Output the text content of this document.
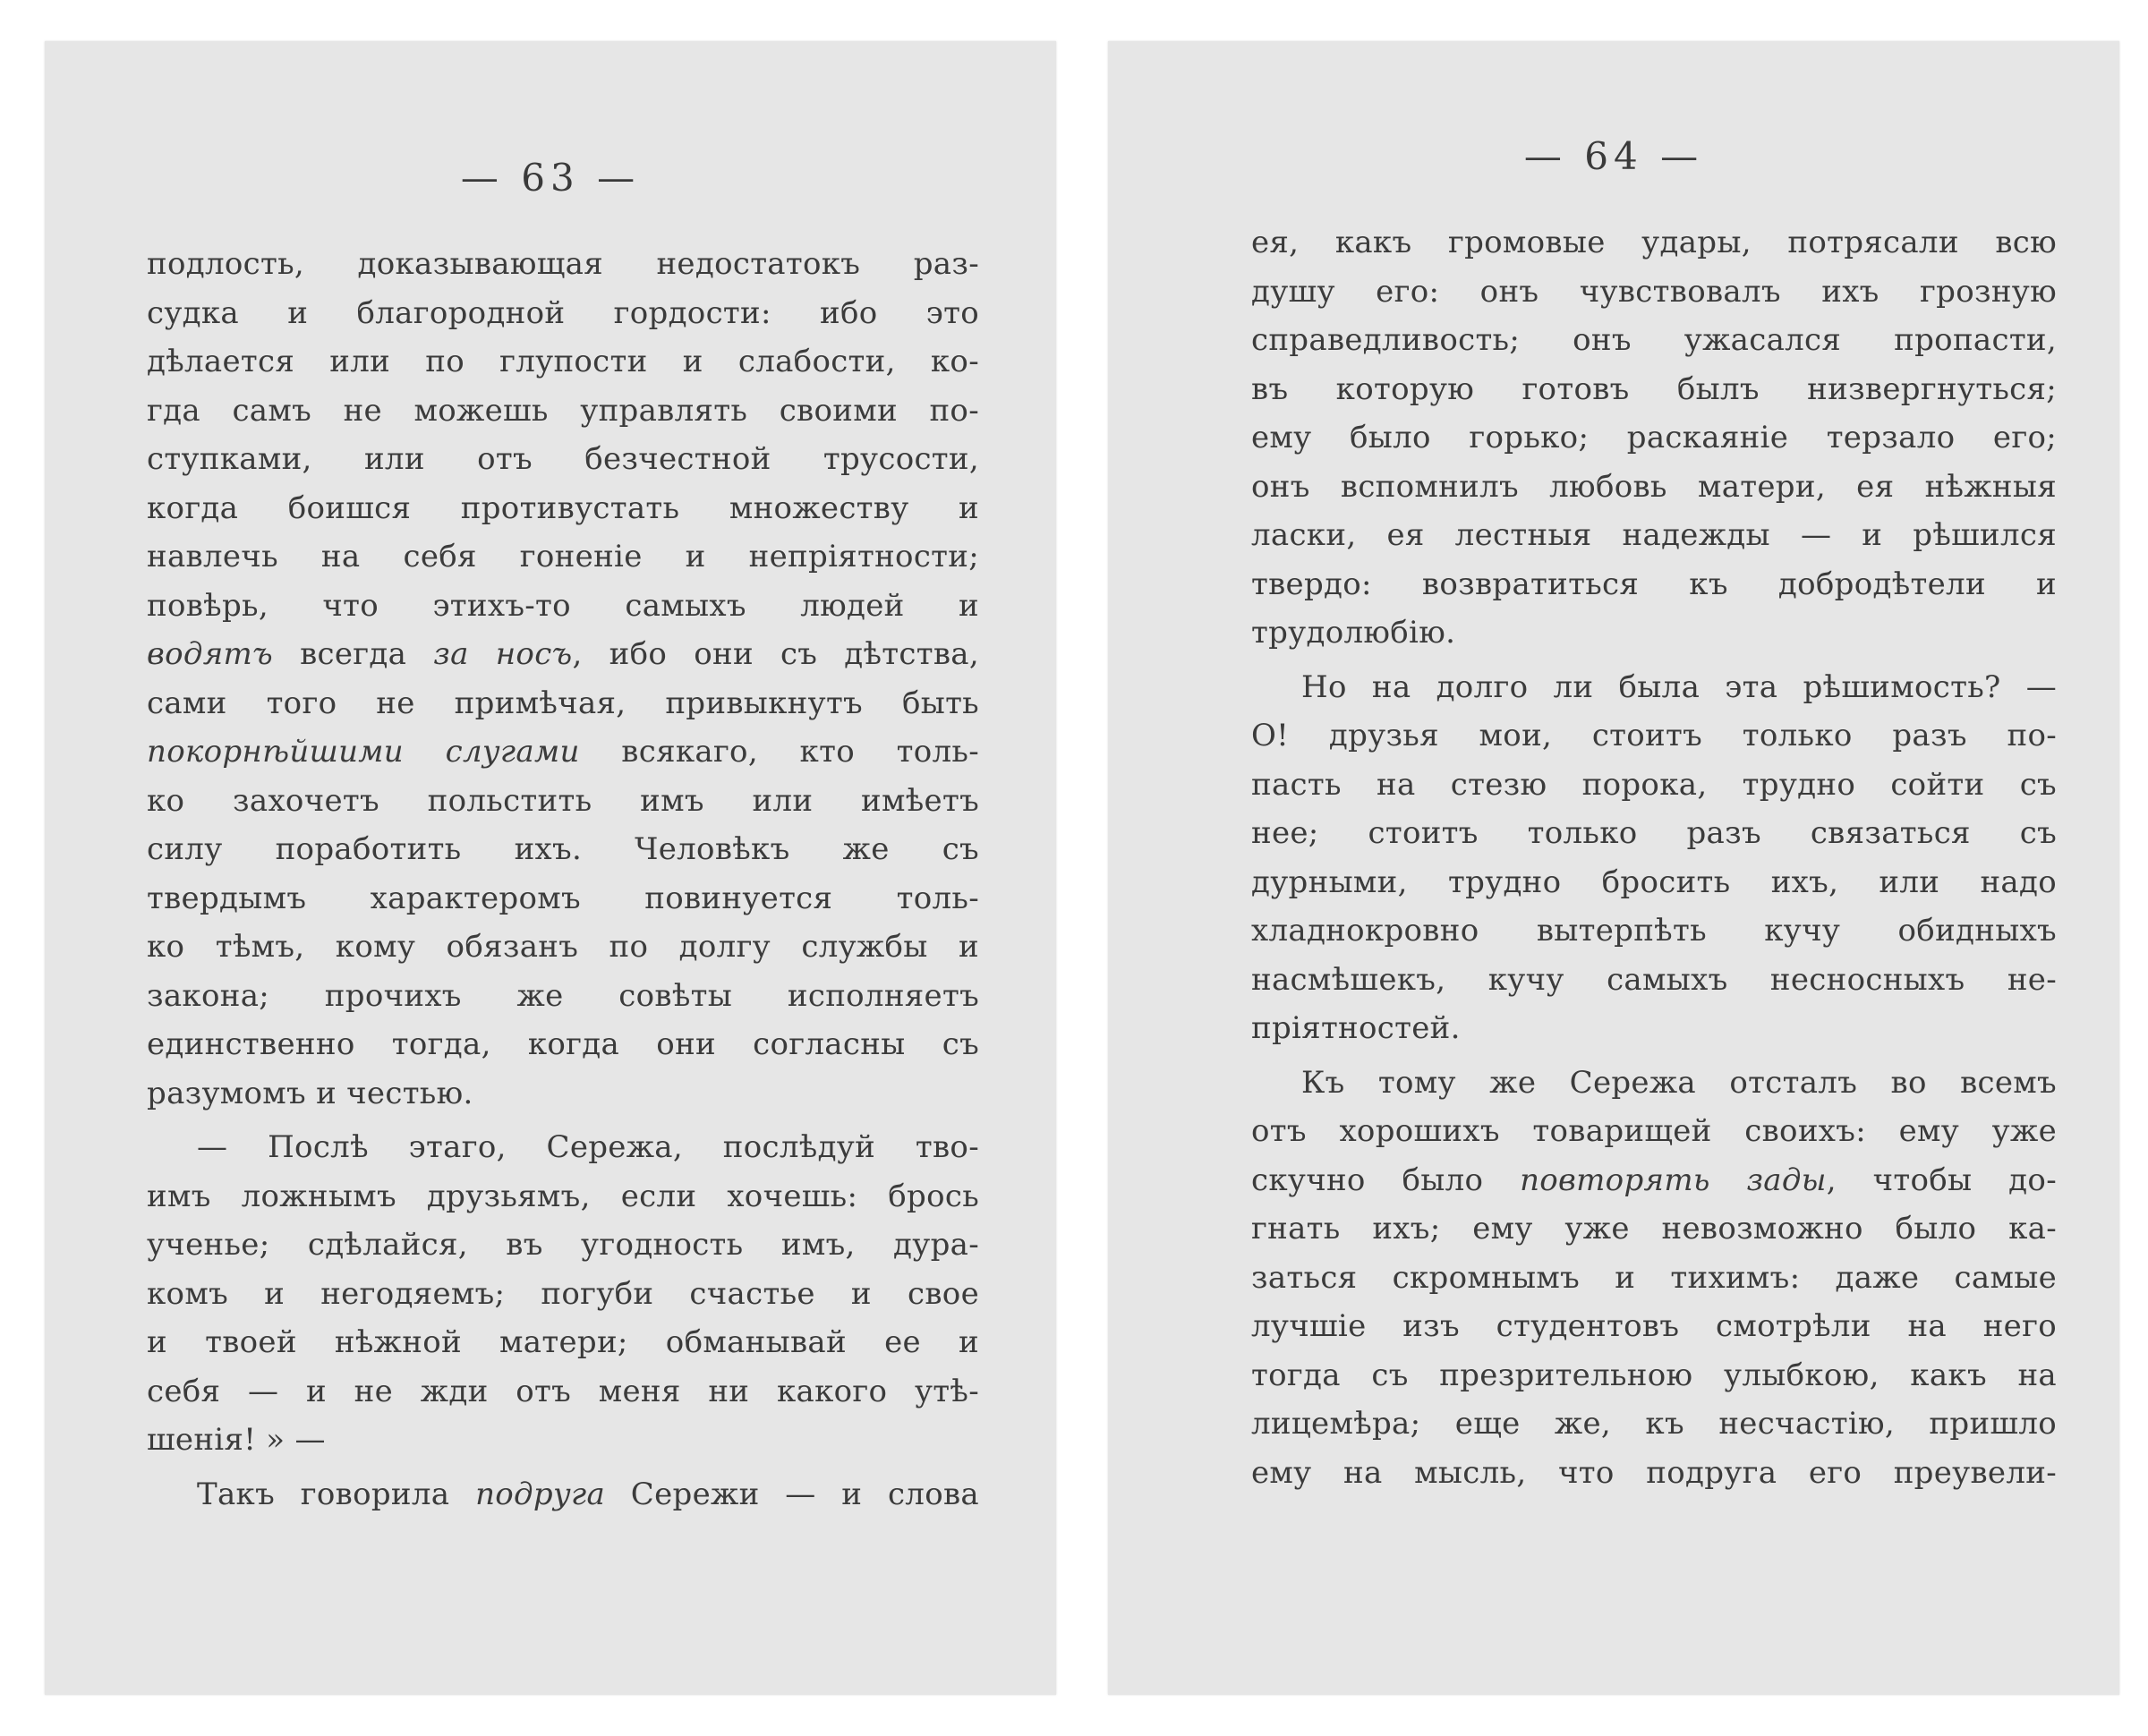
— 63 —
подлость, доказывающая недостатокъ раз-
судка и благородной гордости: ибо это
дѣлается или по глупости и слабости, ко-
гда самъ не можешь управлять своими по-
ступками, или отъ безчестной трусости,
когда боишся противустать множеству и
навлечь на себя гоненіе и непріятности;
повѣрь, что этихъ-то самыхъ людей и
водятъ всегда за носъ, ибо они съ дѣтства,
сами того не примѣчая, привыкнутъ быть
покорнѣйшими слугами всякаго, кто толь-
ко захочетъ польстить имъ или имѣетъ
силу поработить ихъ. Человѣкъ же съ
твердымъ характеромъ повинуется толь-
ко тѣмъ, кому обязанъ по долгу службы и
закона; прочихъ же совѣты исполняетъ
единственно тогда, когда они согласны съ
разумомъ и честью.
— Послѣ этаго, Сережа, послѣдуй тво-
имъ ложнымъ друзьямъ, если хочешь: брось
ученье; сдѣлайся, въ угодность имъ, дура-
комъ и негодяемъ; погуби счастье и свое
и твоей нѣжной матери; обманывай ее и
себя — и не жди отъ меня ни какого утѣ-
шенія! » —
Такъ говорила подруга Сережи — и слова
— 64 —
ея, какъ громовые удары, потрясали всю
душу его: онъ чувствовалъ ихъ грозную
справедливость; онъ ужасался пропасти,
въ которую готовъ былъ низвергнуться;
ему было горько; раскаяніе терзало его;
онъ вспомнилъ любовь матери, ея нѣжныя
ласки, ея лестныя надежды — и рѣшился
твердо: возвратиться къ добродѣтели и
трудолюбію.
Но на долго ли была эта рѣшимость? —
О! друзья мои, стоитъ только разъ по-
пасть на стезю порока, трудно сойти съ
нее; стоитъ только разъ связаться съ
дурными, трудно бросить ихъ, или надо
хладнокровно вытерпѣть кучу обидныхъ
насмѣшекъ, кучу самыхъ несносныхъ не-
пріятностей.
Къ тому же Сережа отсталъ во всемъ
отъ хорошихъ товарищей своихъ: ему уже
скучно было повторять зады, чтобы до-
гнать ихъ; ему уже невозможно было ка-
заться скромнымъ и тихимъ: даже самые
лучшіе изъ студентовъ смотрѣли на него
тогда съ презрительною улыбкою, какъ на
лицемѣра; еще же, къ несчастію, пришло
ему на мысль, что подруга его преувели-
